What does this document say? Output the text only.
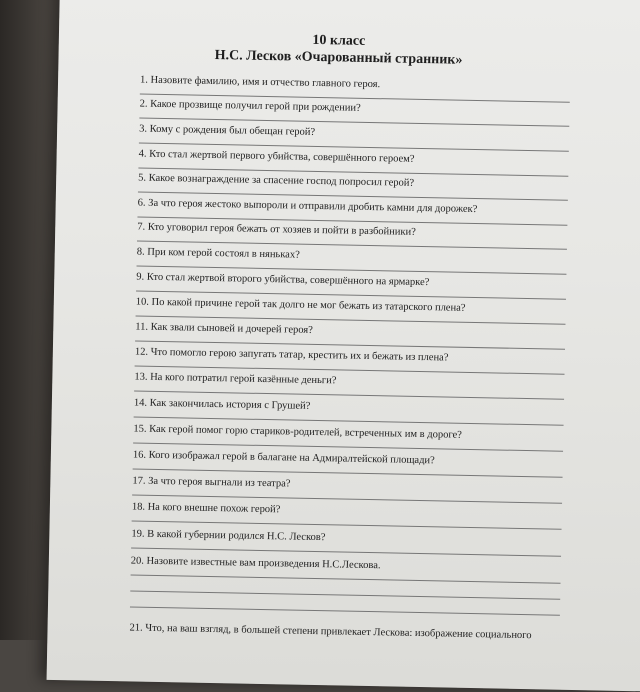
10 класс
Н.С. Лесков «Очарованный странник»
1. Назовите фамилию, имя и отчество главного героя.
2. Какое прозвище получил герой при рождении?
3. Кому с рождения был обещан герой?
4. Кто стал жертвой первого убийства, совершённого героем?
5. Какое вознаграждение за спасение господ попросил герой?
6. За что героя жестоко выпороли и отправили дробить камни для дорожек?
7. Кто уговорил героя бежать от хозяев и пойти в разбойники?
8. При ком герой состоял в няньках?
9. Кто стал жертвой второго убийства, совершённого на ярмарке?
10. По какой причине герой так долго не мог бежать из татарского плена?
11. Как звали сыновей и дочерей героя?
12. Что помогло герою запугать татар, крестить их и бежать из плена?
13. На кого потратил герой казённые деньги?
14. Как закончилась история с Грушей?
15. Как герой помог горю стариков-родителей, встреченных им в дороге?
16. Кого изображал герой в балагане на Адмиралтейской площади?
17. За что героя выгнали из театра?
18. На кого внешне похож герой?
19. В какой губернии родился Н.С. Лесков?
20. Назовите известные вам произведения Н.С.Лескова.
21. Что, на ваш взгляд, в большей степени привлекает Лескова: изображение социального
